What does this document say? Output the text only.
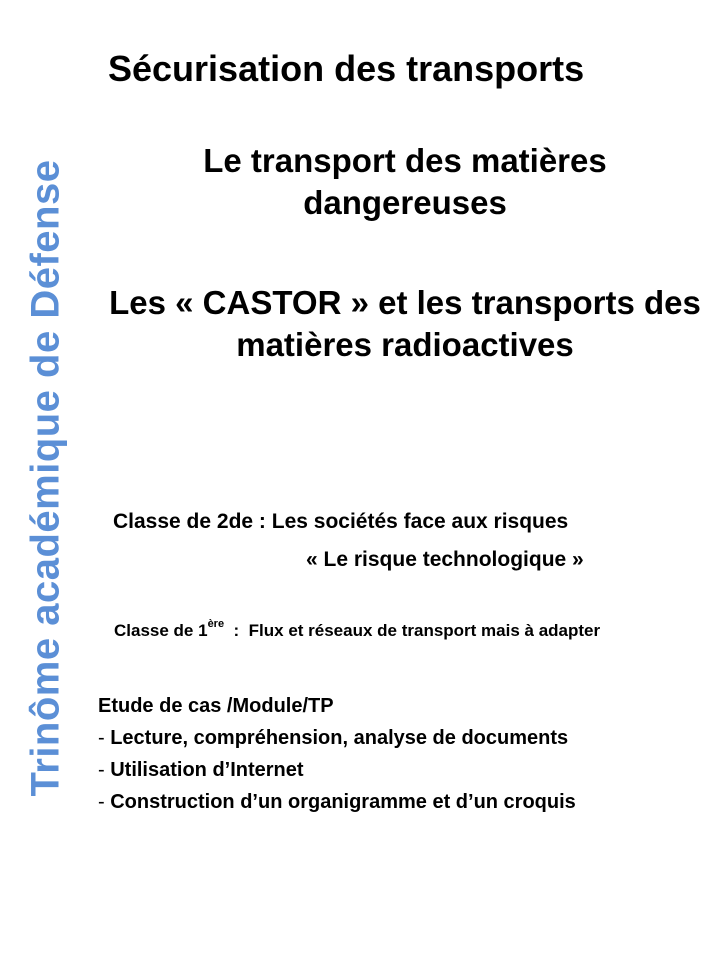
Trinôme académique de Défense
Sécurisation des transports
Le transport des matières dangereuses
Les « CASTOR » et les transports des matières radioactives
Classe de 2de : Les sociétés face aux risques
« Le risque technologique »
Classe de 1ère  :  Flux et réseaux de transport mais à adapter
Etude de cas /Module/TP
- Lecture, compréhension, analyse de documents
- Utilisation d’Internet
- Construction d’un organigramme et d’un croquis
